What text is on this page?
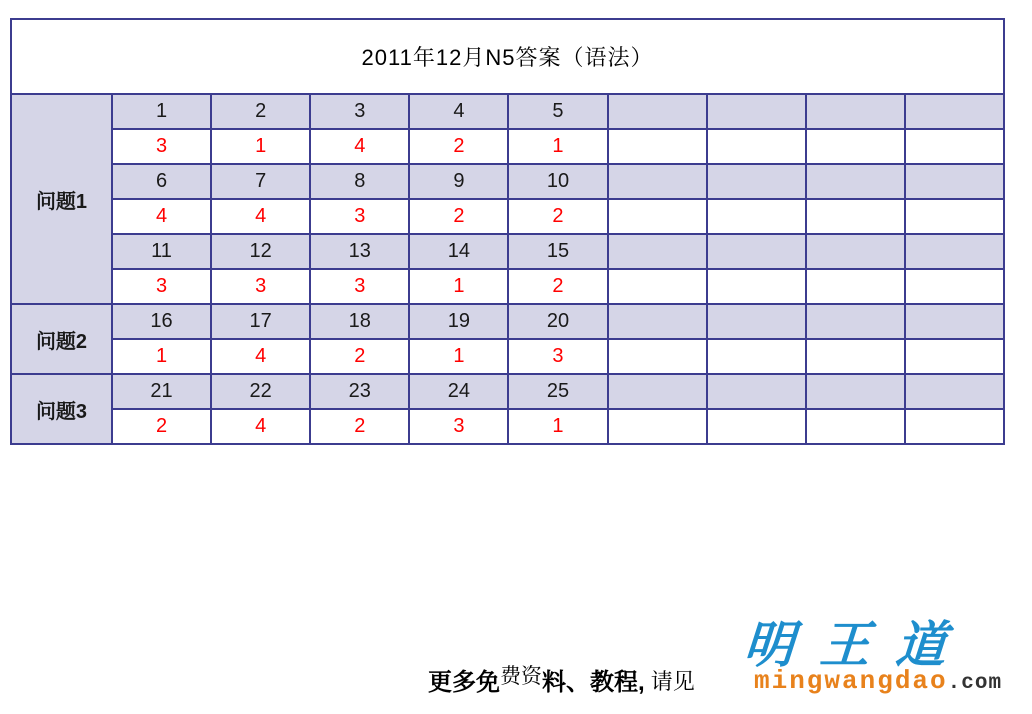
2011年12月N5答案（语法）									
问题1	1	2	3	4	5				
	3	1	4	2	1				
	6	7	8	9	10				
	4	4	3	2	2				
	11	12	13	14	15				
	3	3	3	1	2				
问题2	16	17	18	19	20				
	1	4	2	1	3				
问题3	21	22	23	24	25				
	2	4	2	3	1				
更多免费资料、教程, 请见
明王道
mingwangdao.com
